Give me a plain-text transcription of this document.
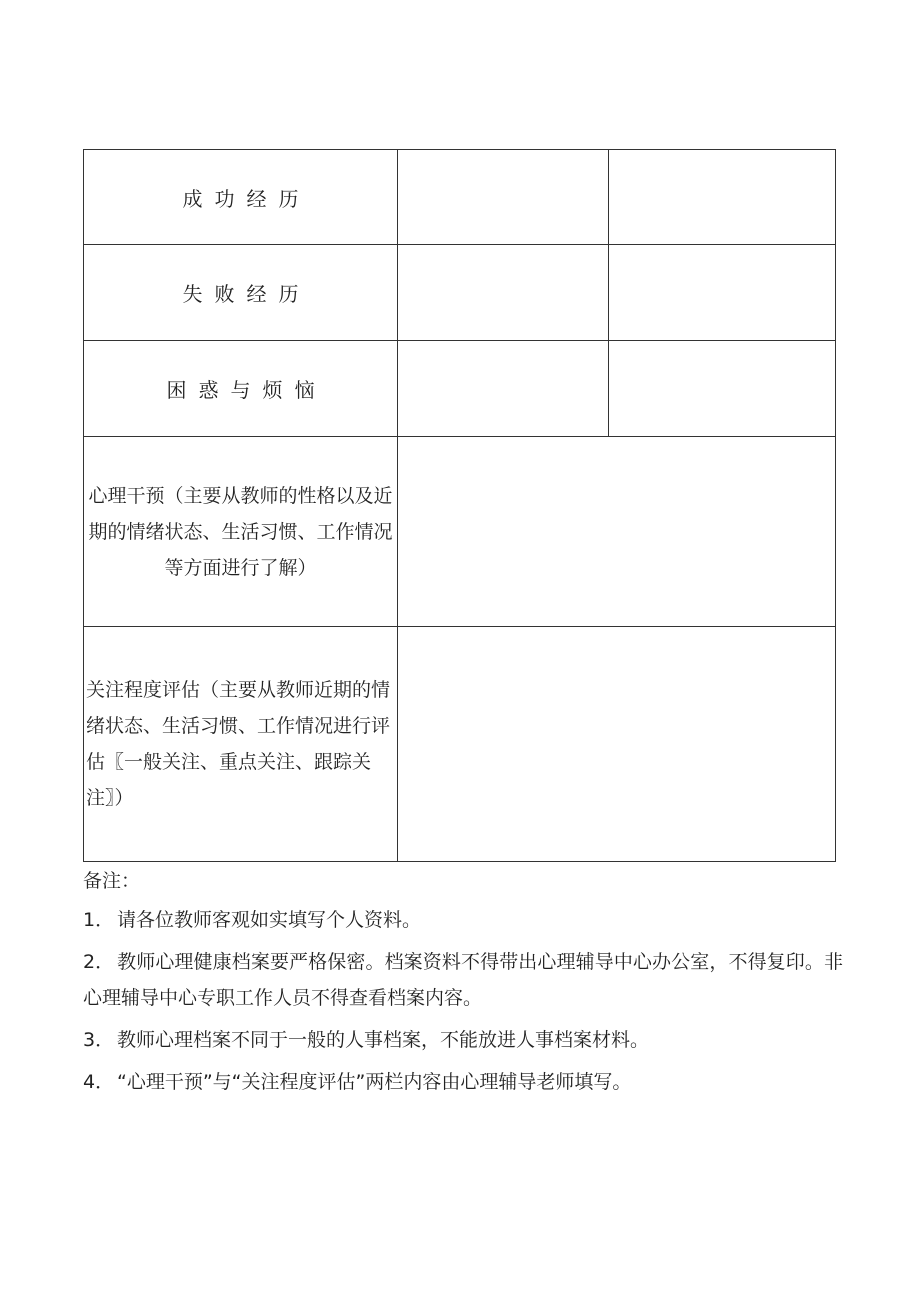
成功经历		
失败经历		
困惑与烦恼		
心理干预（主要从教师的性格以及近期的情绪状态、生活习惯、工作情况等方面进行了解）		
关注程度评估（主要从教师近期的情绪状态、生活习惯、工作情况进行评估〖一般关注、重点关注、跟踪关注〗）		
备注：
1． 请各位教师客观如实填写个人资料。
2． 教师心理健康档案要严格保密。档案资料不得带出心理辅导中心办公室，不得复印。非心理辅导中心专职工作人员不得查看档案内容。
3． 教师心理档案不同于一般的人事档案，不能放进人事档案材料。
4． “心理干预”与“关注程度评估”两栏内容由心理辅导老师填写。
